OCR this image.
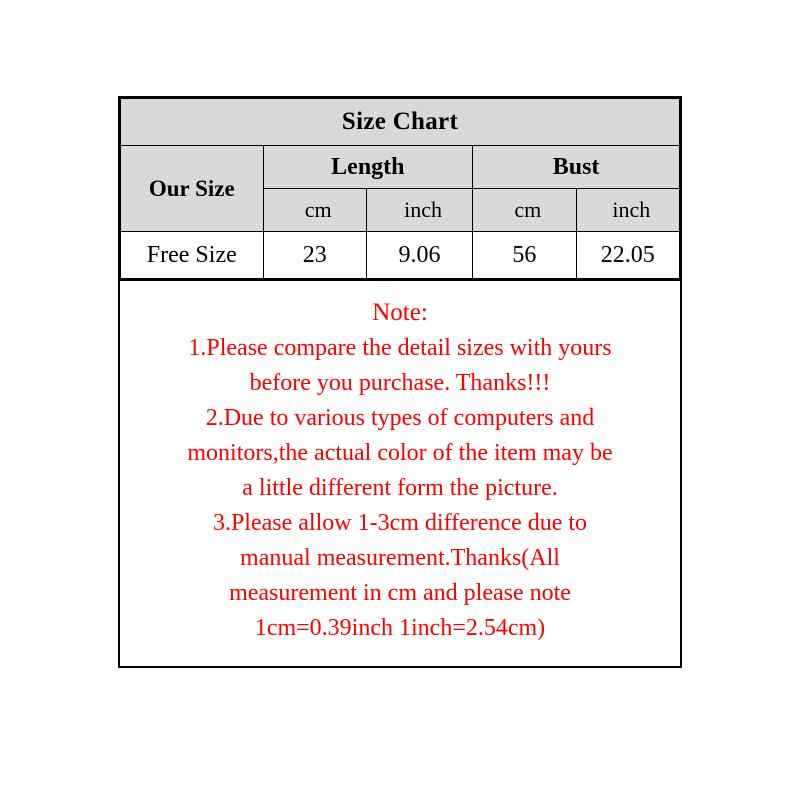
Size Chart				
Our Size	Length		Bust	
	cm	inch	cm	inch
Free Size	23	9.06	56	22.05
Note:
1.Please compare the detail sizes with yours
before you purchase. Thanks!!!
2.Due to various types of computers and
monitors,the actual color of the item may be
a little different form the picture.
3.Please allow 1-3cm difference due to
manual measurement.Thanks(All
measurement in cm and please note
1cm=0.39inch 1inch=2.54cm)
